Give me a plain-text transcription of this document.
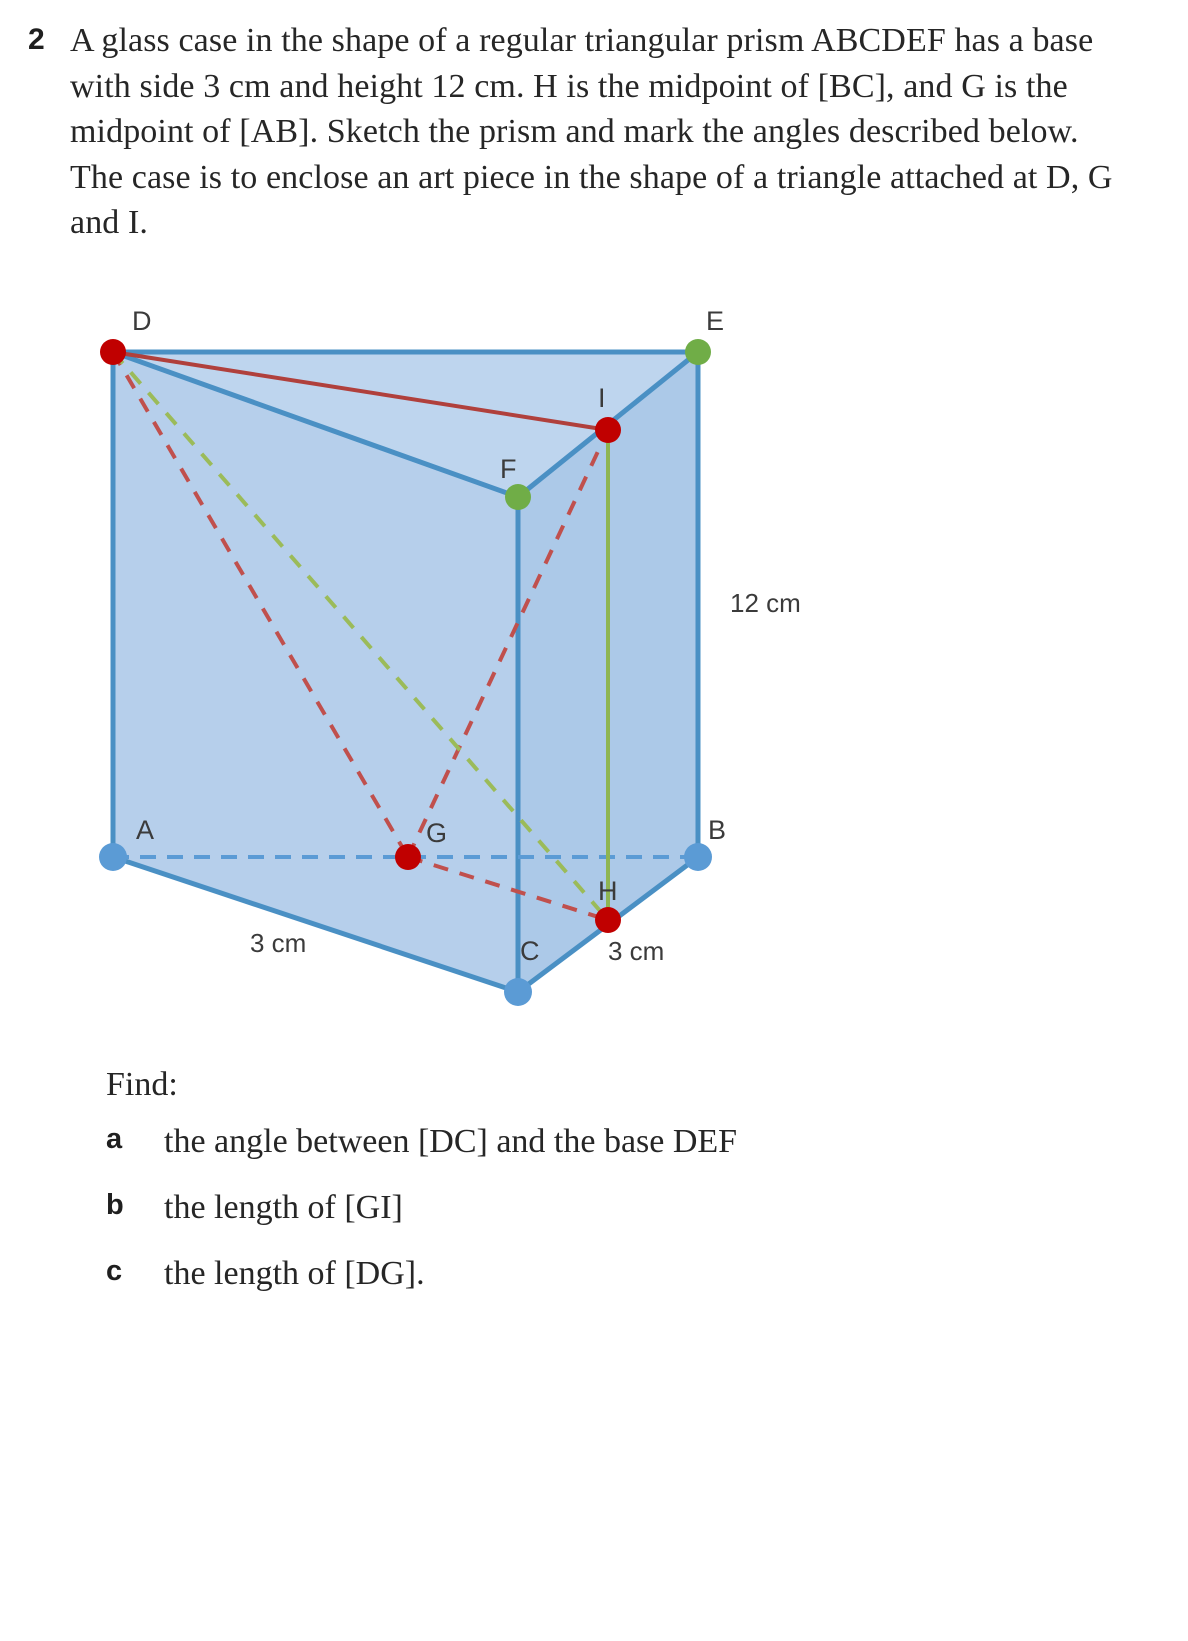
2 A glass case in the shape of a regular triangular prism ABCDEF has a base with side 3 cm and height 12 cm. H is the midpoint of [BC], and G is the midpoint of [AB]. Sketch the prism and mark the angles described below. The case is to enclose an art piece in the shape of a triangle attached at D, G and I.
D	E
F
I
A	B
G
H
C
12 cm
3 cm	3 cm
Find:
a	the angle between [DC] and the base DEF
b	the length of [GI]
c	the length of [DG].
